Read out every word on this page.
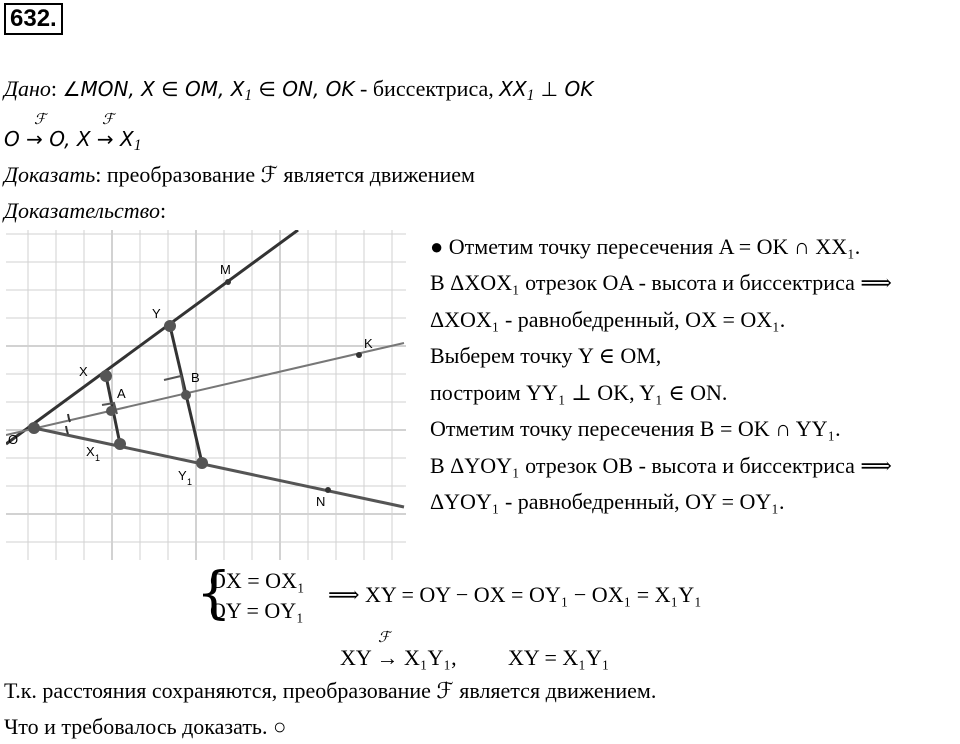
632.
Дано: ∠MON, X ∈ OM, $X_1$ ∈ ON, OK - биссектриса, $XX_1$ ⊥ OK
O → O, $X \to X_1$
ℱ	ℱ
Доказать: преобразование ℱ является движением
Доказательство:
O
X
A
X 1
Y
B
Y 1
M
K
N
● Отметим точку пересечения A = OK ∩ XX₁.
В ΔXOX₁ отрезок OA - высота и биссектриса ⟹
ΔXOX₁ - равнобедренный, OX = OX₁.
Выберем точку Y ∈ OM,
построим YY₁ ⊥ OK, Y₁ ∈ ON.
Отметим точку пересечения B = OK ∩ YY₁.
В ΔYOY₁ отрезок OB - высота и биссектриса ⟹
ΔYOY₁ - равнобедренный, OY = OY₁.
{
OX = OX₁
OY = OY₁
⟹ XY = OY − OX = OY₁ − OX₁ = X₁Y₁
ℱ
XY → X₁Y₁, XY = X₁Y₁
Т.к. расстояния сохраняются, преобразование ℱ является движением.
Что и требовалось доказать. ○
